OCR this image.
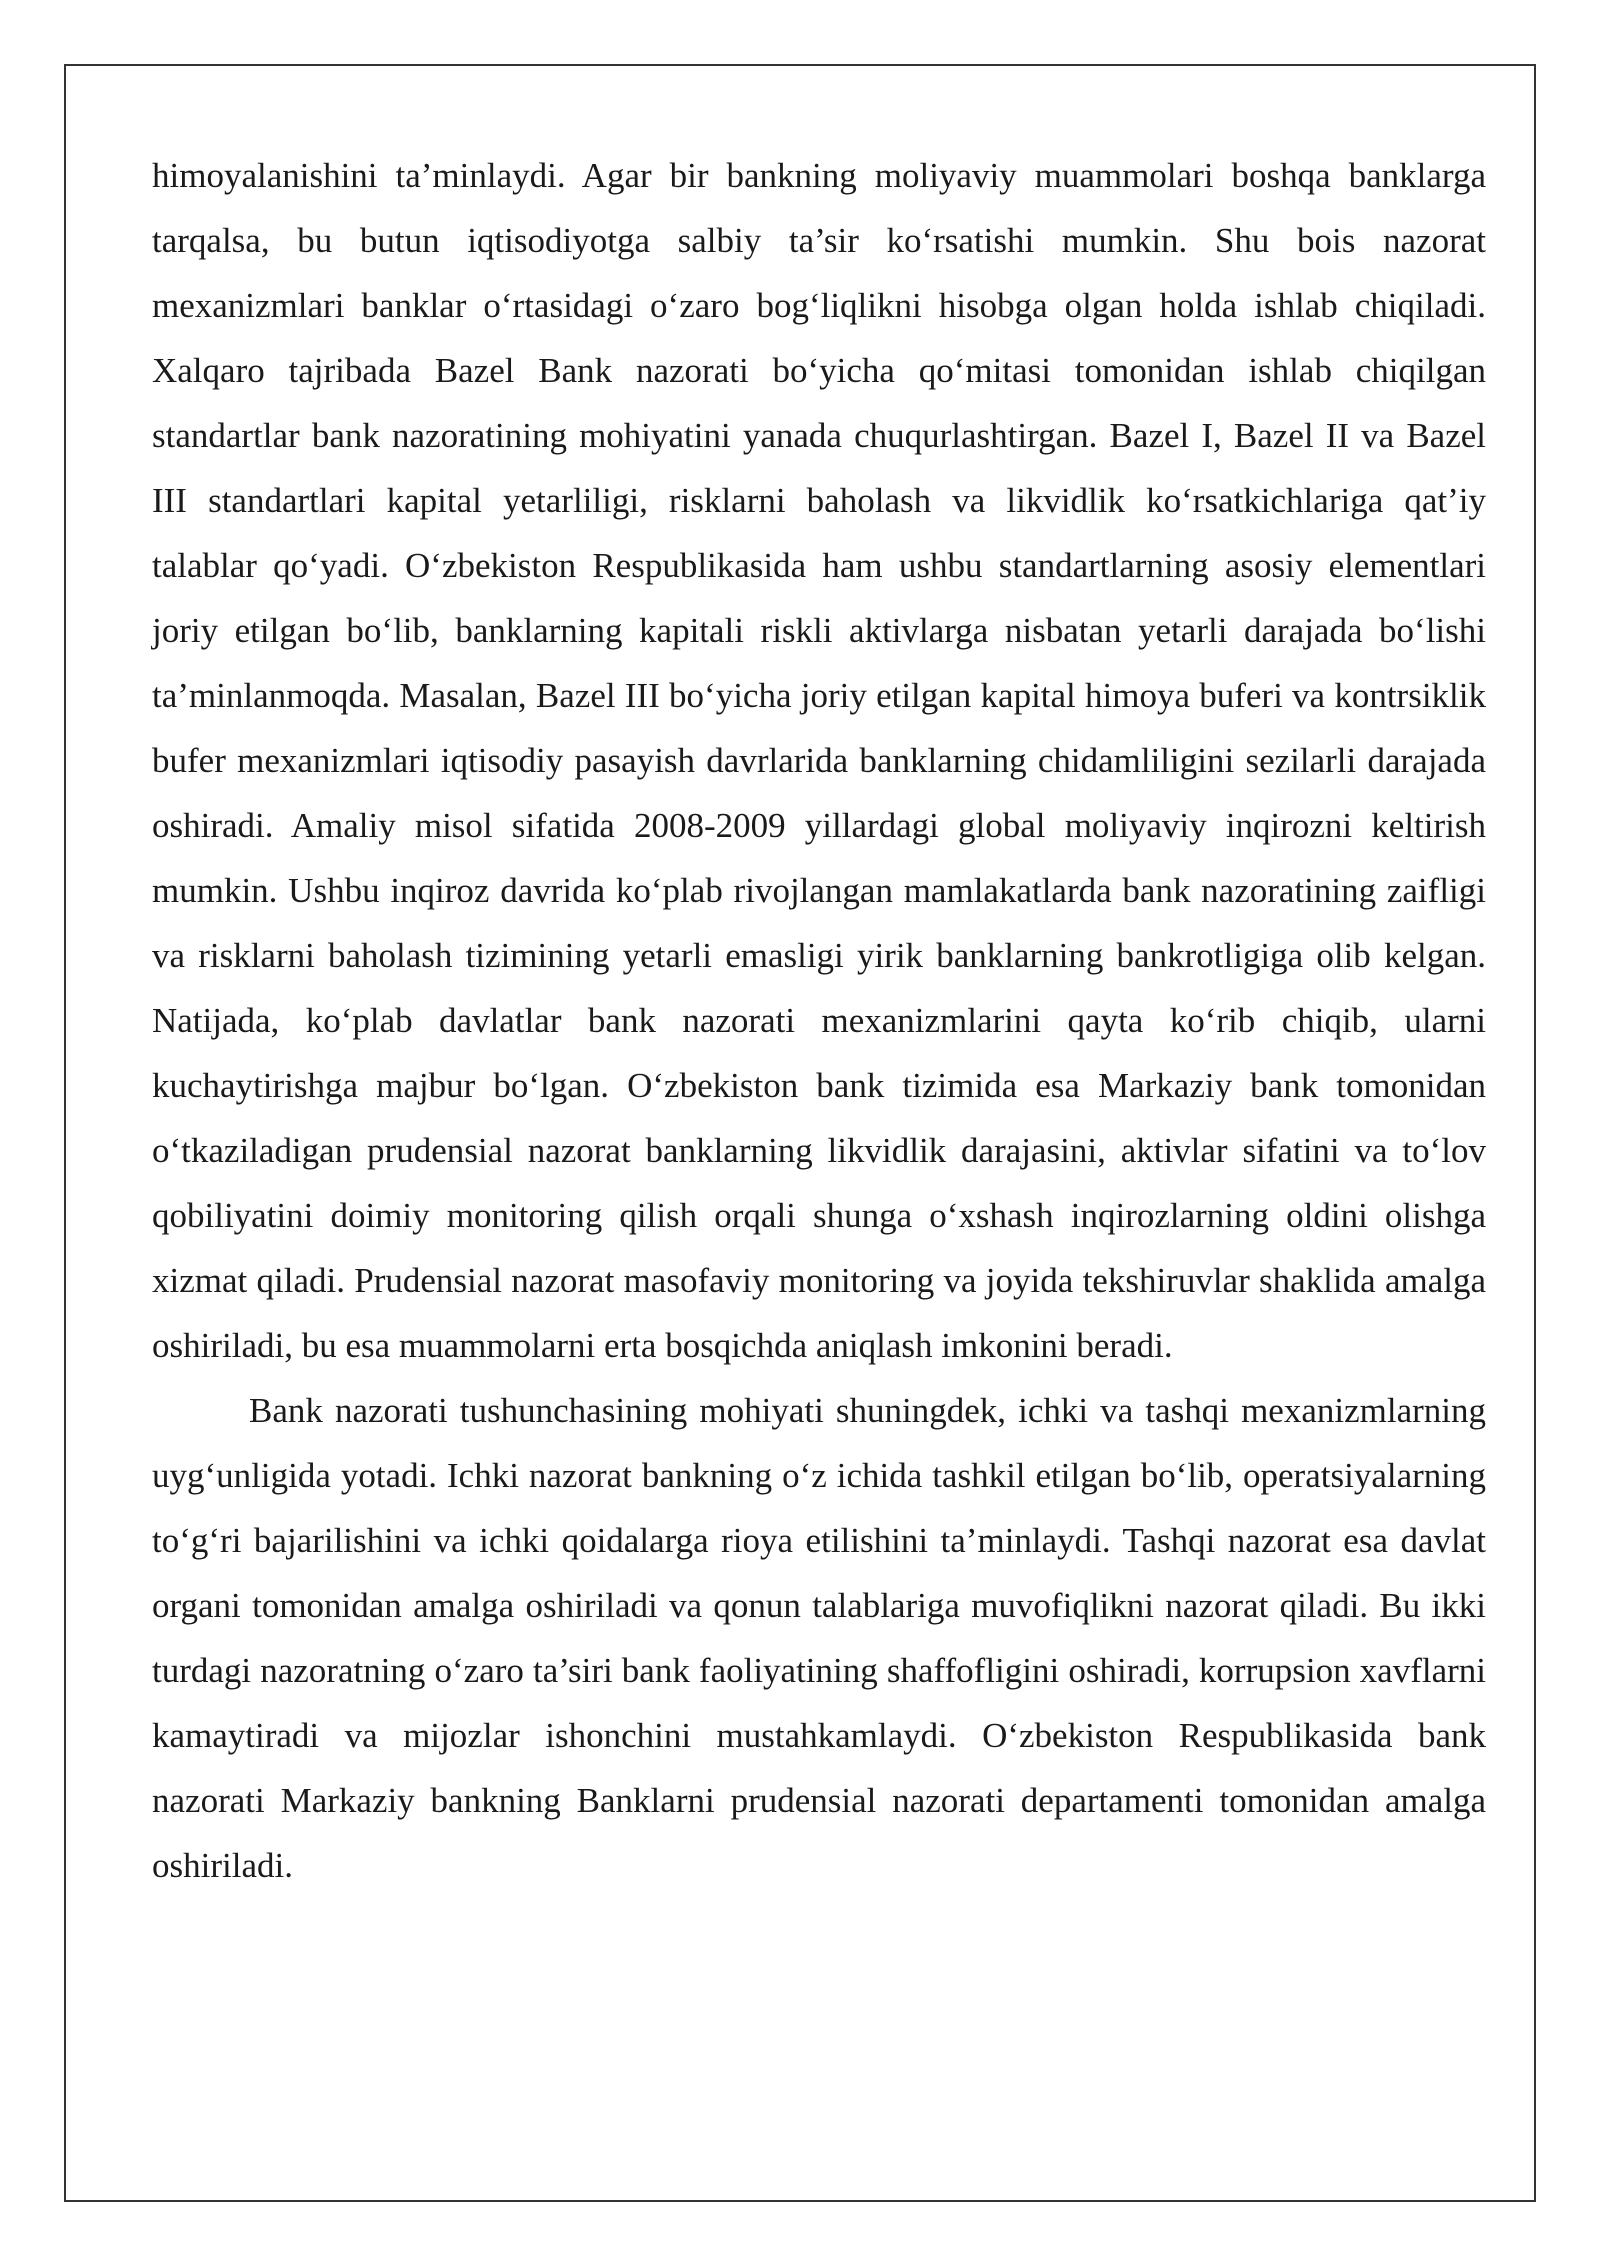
himoyalanishini ta’minlaydi. Agar bir bankning moliyaviy muammolari boshqa banklarga tarqalsa, bu butun iqtisodiyotga salbiy ta’sir ko‘rsatishi mumkin. Shu bois nazorat mexanizmlari banklar o‘rtasidagi o‘zaro bog‘liqlikni hisobga olgan holda ishlab chiqiladi. Xalqaro tajribada Bazel Bank nazorati bo‘yicha qo‘mitasi tomonidan ishlab chiqilgan standartlar bank nazoratining mohiyatini yanada chuqurlashtirgan. Bazel I, Bazel II va Bazel III standartlari kapital yetarliligi, risklarni baholash va likvidlik ko‘rsatkichlariga qat’iy talablar qo‘yadi. O‘zbekiston Respublikasida ham ushbu standartlarning asosiy elementlari joriy etilgan bo‘lib, banklarning kapitali riskli aktivlarga nisbatan yetarli darajada bo‘lishi ta’minlanmoqda. Masalan, Bazel III bo‘yicha joriy etilgan kapital himoya buferi va kontrsiklik bufer mexanizmlari iqtisodiy pasayish davrlarida banklarning chidamliligini sezilarli darajada oshiradi. Amaliy misol sifatida 2008-2009 yillardagi global moliyaviy inqirozni keltirish mumkin. Ushbu inqiroz davrida ko‘plab rivojlangan mamlakatlarda bank nazoratining zaifligi va risklarni baholash tizimining yetarli emasligi yirik banklarning bankrotligiga olib kelgan. Natijada, ko‘plab davlatlar bank nazorati mexanizmlarini qayta ko‘rib chiqib, ularni kuchaytirishga majbur bo‘lgan. O‘zbekiston bank tizimida esa Markaziy bank tomonidan o‘tkaziladigan prudensial nazorat banklarning likvidlik darajasini, aktivlar sifatini va to‘lov qobiliyatini doimiy monitoring qilish orqali shunga o‘xshash inqirozlarning oldini olishga xizmat qiladi. Prudensial nazorat masofaviy monitoring va joyida tekshiruvlar shaklida amalga oshiriladi, bu esa muammolarni erta bosqichda aniqlash imkonini beradi.

Bank nazorati tushunchasining mohiyati shuningdek, ichki va tashqi mexanizmlarning uyg‘unligida yotadi. Ichki nazorat bankning o‘z ichida tashkil etilgan bo‘lib, operatsiyalarning to‘g‘ri bajarilishini va ichki qoidalarga rioya etilishini ta’minlaydi. Tashqi nazorat esa davlat organi tomonidan amalga oshiriladi va qonun talablariga muvofiqlikni nazorat qiladi. Bu ikki turdagi nazoratning o‘zaro ta’siri bank faoliyatining shaffofligini oshiradi, korrupsion xavflarni kamaytiradi va mijozlar ishonchini mustahkamlaydi. O‘zbekiston Respublikasida bank nazorati Markaziy bankning Banklarni prudensial nazorati departamenti tomonidan amalga oshiriladi.
